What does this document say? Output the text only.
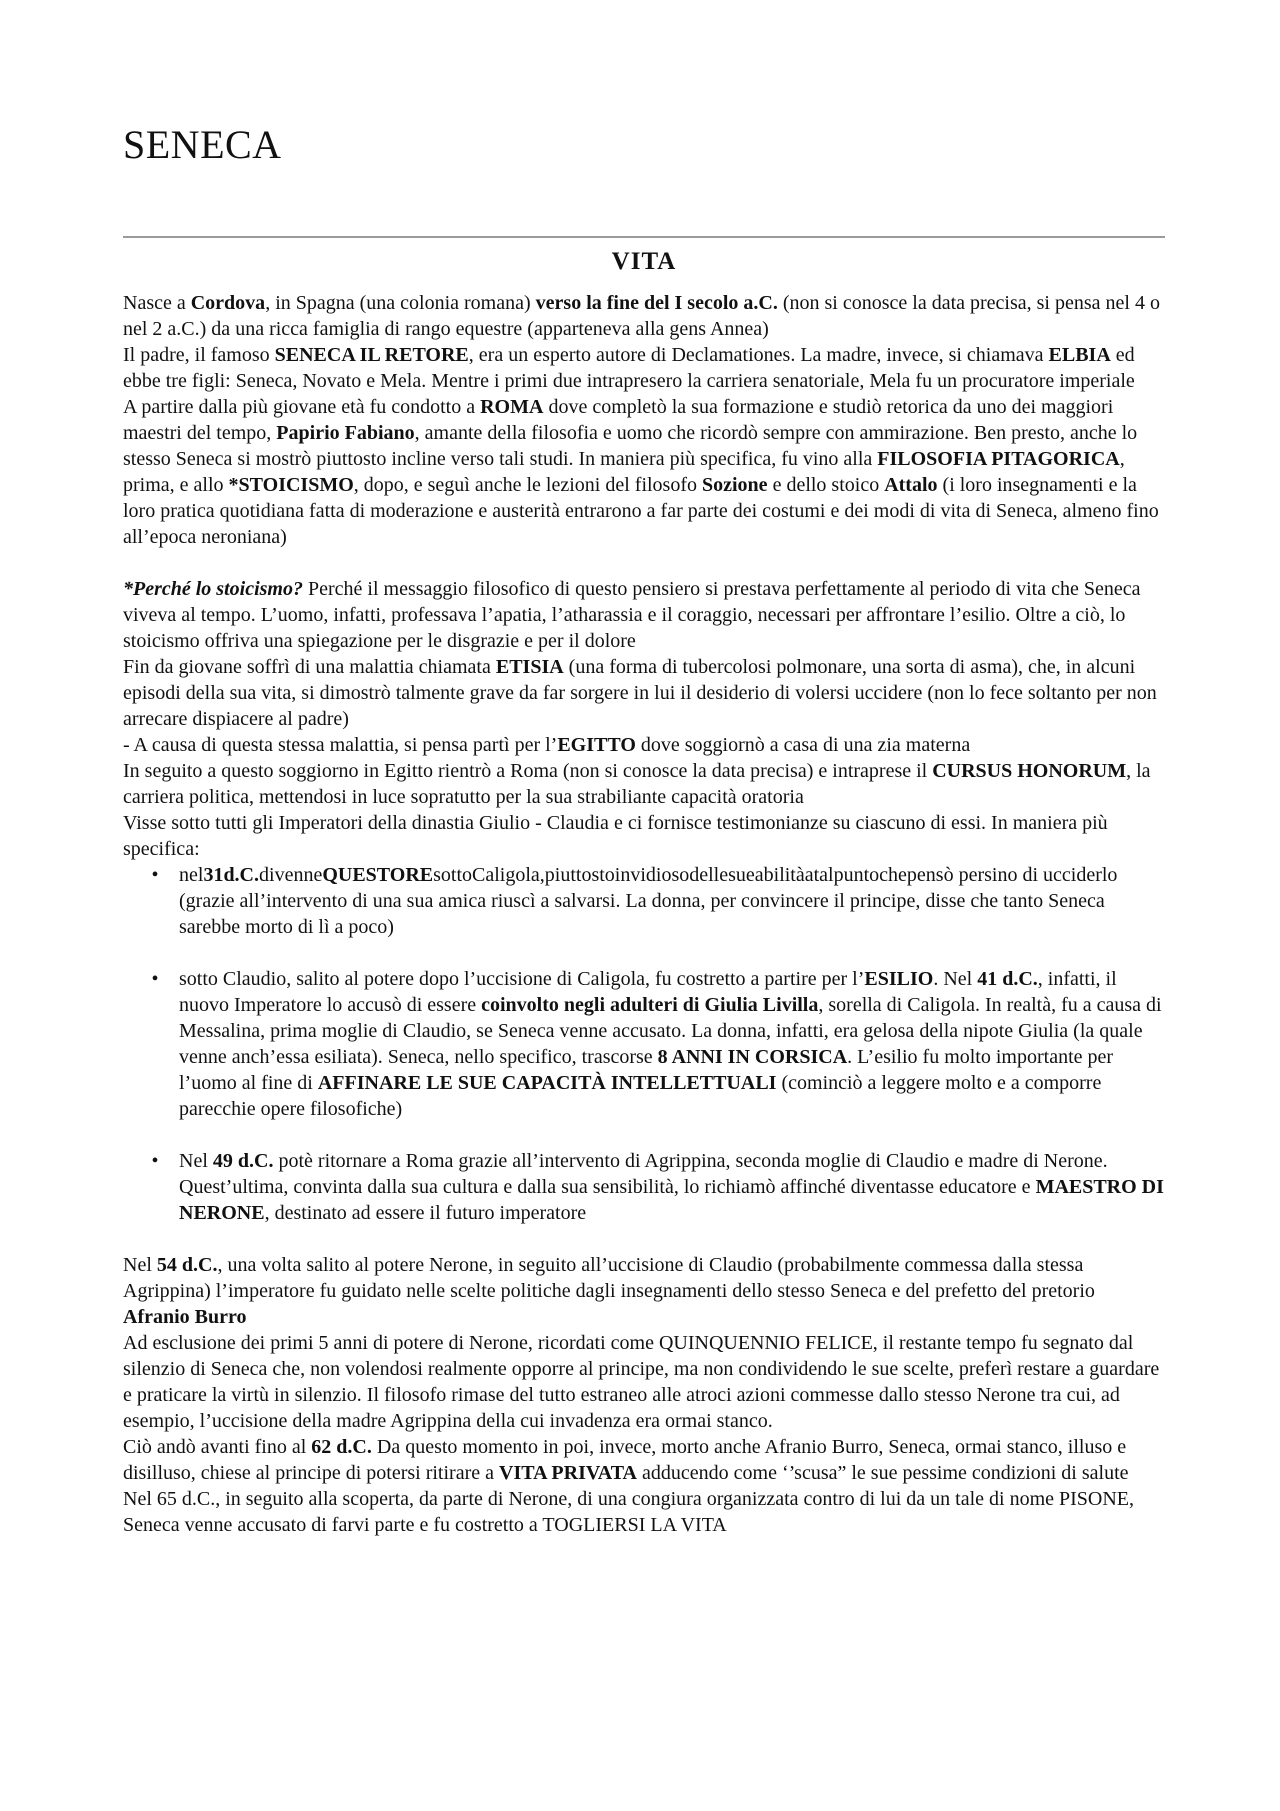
SENECA
VITA

Nasce a Cordova, in Spagna (una colonia romana) verso la fine del I secolo a.C. (non si conosce la data precisa, si pensa nel 4 o nel 2 a.C.) da una ricca famiglia di rango equestre (apparteneva alla gens Annea)

Il padre, il famoso SENECA IL RETORE, era un esperto autore di Declamationes. La madre, invece, si chiamava ELBIA ed ebbe tre figli: Seneca, Novato e Mela. Mentre i primi due intrapresero la carriera senatoriale, Mela fu un procuratore imperiale

A partire dalla più giovane età fu condotto a ROMA dove completò la sua formazione e studiò retorica da uno dei maggiori maestri del tempo, Papirio Fabiano, amante della filosofia e uomo che ricordò sempre con ammirazione. Ben presto, anche lo stesso Seneca si mostrò piuttosto incline verso tali studi. In maniera più specifica, fu vino alla FILOSOFIA PITAGORICA, prima, e allo *STOICISMO, dopo, e seguì anche le lezioni del filosofo Sozione e dello stoico Attalo (i loro insegnamenti e la loro pratica quotidiana fatta di moderazione e austerità entrarono a far parte dei costumi e dei modi di vita di Seneca, almeno fino all’epoca neroniana)

*Perché lo stoicismo? Perché il messaggio filosofico di questo pensiero si prestava perfettamente al periodo di vita che Seneca viveva al tempo. L’uomo, infatti, professava l’apatia, l’atharassia e il coraggio, necessari per affrontare l’esilio. Oltre a ciò, lo stoicismo offriva una spiegazione per le disgrazie e per il dolore

Fin da giovane soffrì di una malattia chiamata ETISIA (una forma di tubercolosi polmonare, una sorta di asma), che, in alcuni episodi della sua vita, si dimostrò talmente grave da far sorgere in lui il desiderio di volersi uccidere (non lo fece soltanto per non arrecare dispiacere al padre)

- A causa di questa stessa malattia, si pensa partì per l’EGITTO dove soggiornò a casa di una zia materna

In seguito a questo soggiorno in Egitto rientrò a Roma (non si conosce la data precisa) e intraprese il CURSUS HONORUM, la carriera politica, mettendosi in luce sopratutto per la sua strabiliante capacità oratoria

Visse sotto tutti gli Imperatori della dinastia Giulio - Claudia e ci fornisce testimonianze su ciascuno di essi. In maniera più specifica:

•	nel31d.C.divenneQUESTOREsottoCaligola,piuttostoinvidiosodellesueabilitàatalpuntochepensò persino di ucciderlo (grazie all’intervento di una sua amica riuscì a salvarsi. La donna, per convincere il principe, disse che tanto Seneca sarebbe morto di lì a poco)
•	sotto Claudio, salito al potere dopo l’uccisione di Caligola, fu costretto a partire per l’ESILIO. Nel 41 d.C., infatti, il nuovo Imperatore lo accusò di essere coinvolto negli adulteri di Giulia Livilla, sorella di Caligola. In realtà, fu a causa di Messalina, prima moglie di Claudio, se Seneca venne accusato. La donna, infatti, era gelosa della nipote Giulia (la quale venne anch’essa esiliata). Seneca, nello specifico, trascorse 8 ANNI IN CORSICA. L’esilio fu molto importante per l’uomo al fine di AFFINARE LE SUE CAPACITÀ INTELLETTUALI (cominciò a leggere molto e a comporre parecchie opere filosofiche)
•	Nel 49 d.C. potè ritornare a Roma grazie all’intervento di Agrippina, seconda moglie di Claudio e madre di Nerone. Quest’ultima, convinta dalla sua cultura e dalla sua sensibilità, lo richiamò affinché diventasse educatore e MAESTRO DI NERONE, destinato ad essere il futuro imperatore

Nel 54 d.C., una volta salito al potere Nerone, in seguito all’uccisione di Claudio (probabilmente commessa dalla stessa Agrippina) l’imperatore fu guidato nelle scelte politiche dagli insegnamenti dello stesso Seneca e del prefetto del pretorio Afranio Burro

Ad esclusione dei primi 5 anni di potere di Nerone, ricordati come QUINQUENNIO FELICE, il restante tempo fu segnato dal silenzio di Seneca che, non volendosi realmente opporre al principe, ma non condividendo le sue scelte, preferì restare a guardare e praticare la virtù in silenzio. Il filosofo rimase del tutto estraneo alle atroci azioni commesse dallo stesso Nerone tra cui, ad esempio, l’uccisione della madre Agrippina della cui invadenza era ormai stanco.

Ciò andò avanti fino al 62 d.C. Da questo momento in poi, invece, morto anche Afranio Burro, Seneca, ormai stanco, illuso e disilluso, chiese al principe di potersi ritirare a VITA PRIVATA adducendo come ‘’scusa” le sue pessime condizioni di salute

Nel 65 d.C., in seguito alla scoperta, da parte di Nerone, di una congiura organizzata contro di lui da un tale di nome PISONE, Seneca venne accusato di farvi parte e fu costretto a TOGLIERSI LA VITA
